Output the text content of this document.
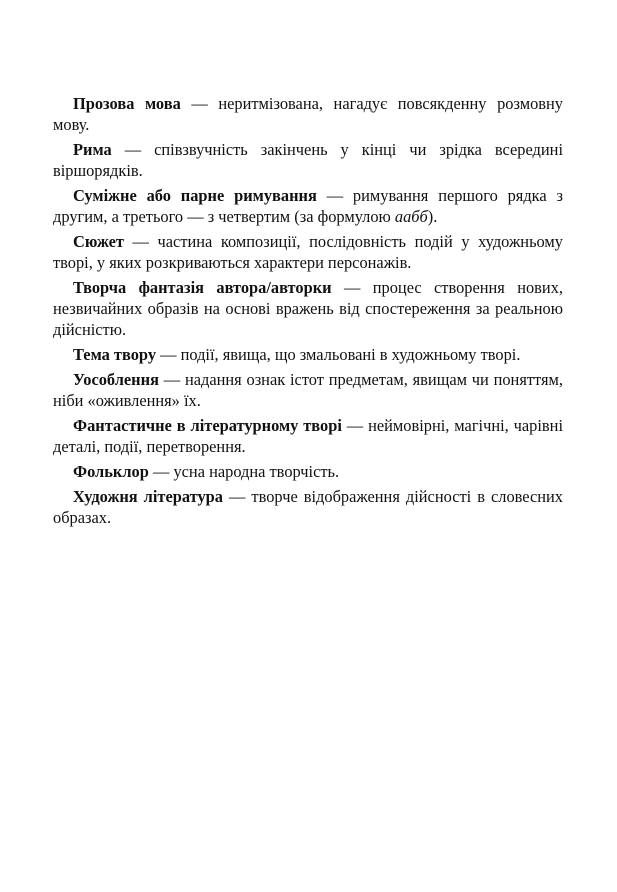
Прозова мова — неритмізована, нагадує повсякденну розмовну мову.

Рима — співзвучність закінчень у кінці чи зрідка всередині віршорядків.

Суміжне або парне римування — римування першого рядка з другим, а третього — з четвертим (за формулою аабб).

Сюжет — частина композиції, послідовність подій у художньому творі, у яких розкриваються характери персонажів.

Творча фантазія автора/авторки — процес створення нових, незвичайних образів на основі вражень від спостереження за реальною дійсністю.

Тема твору — події, явища, що змальовані в художньому творі.

Уособлення — надання ознак істот предметам, явищам чи поняттям, ніби «оживлення» їх.

Фантастичне в літературному творі — неймовірні, магічні, чарівні деталі, події, перетворення.

Фольклор — усна народна творчість.

Художня література — творче відображення дійсності в словесних образах.
